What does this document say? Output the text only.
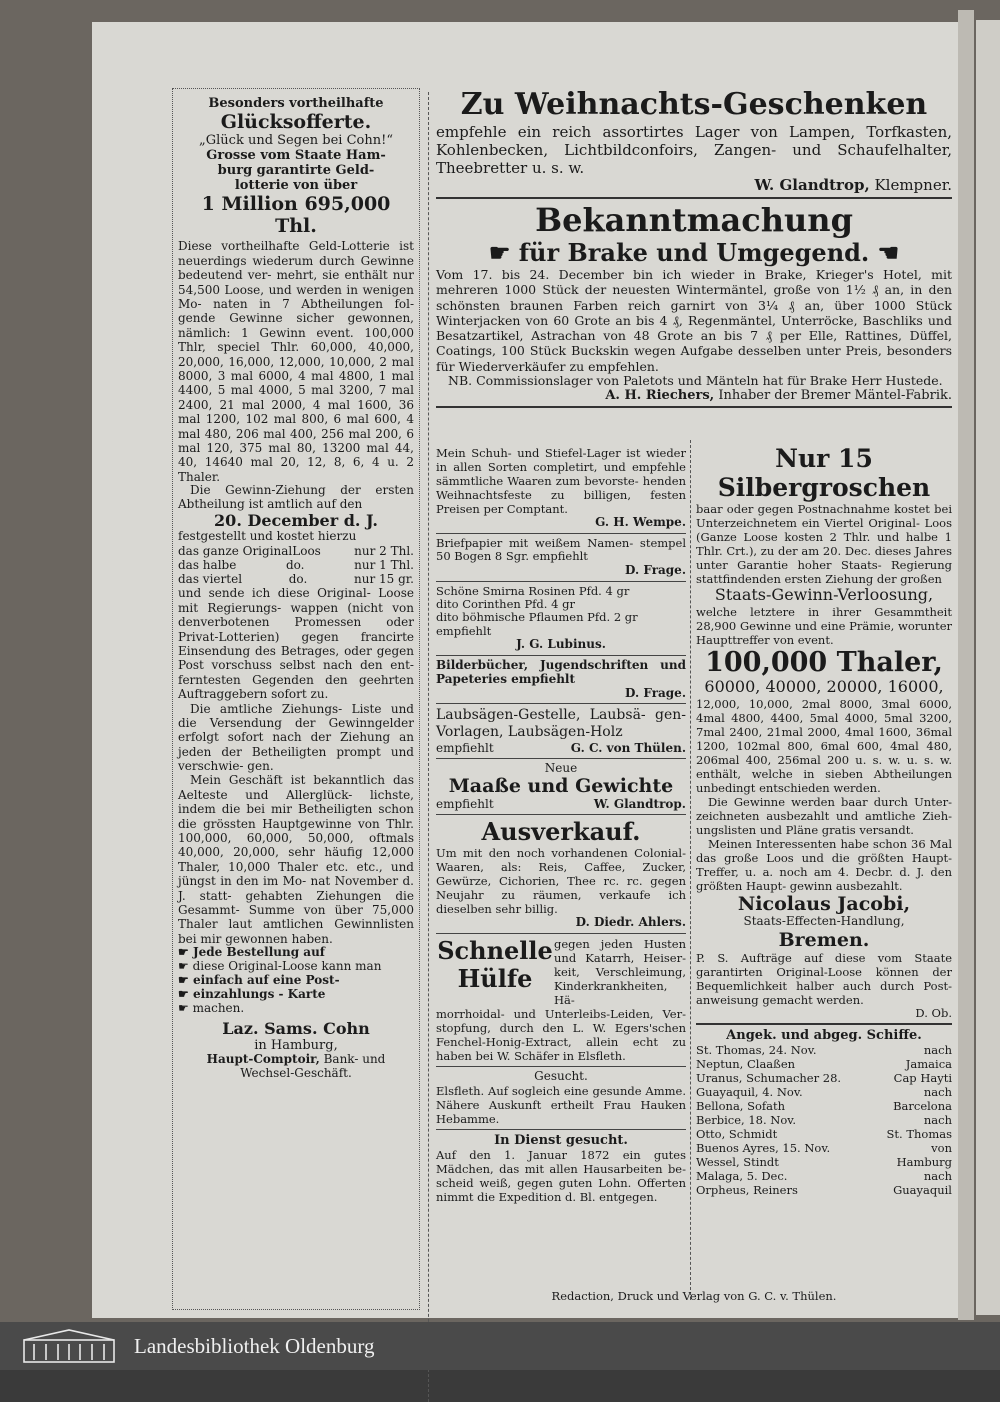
Besonders vortheilhafte

Glücksofferte.

„Glück und Segen bei Cohn!“

Grosse vom Staate Ham-

burg garantirte Geld-

lotterie von über

1 Million 695,000 Thl.

Diese vortheilhafte Geld-Lotterie ist neuerdings wiederum durch Gewinne bedeutend ver- mehrt, sie enthält nur 54,500 Loose, und werden in wenigen Mo- naten in 7 Abtheilungen fol- gende Gewinne sicher gewonnen, nämlich: 1 Gewinn event. 100,000 Thlr, speciel Thlr. 60,000, 40,000, 20,000, 16,000, 12,000, 10,000, 2 mal 8000, 3 mal 6000, 4 mal 4800, 1 mal 4400, 5 mal 4000, 5 mal 3200, 7 mal 2400, 21 mal 2000, 4 mal 1600, 36 mal 1200, 102 mal 800, 6 mal 600, 4 mal 480, 206 mal 400, 256 mal 200, 6 mal 120, 375 mal 80, 13200 mal 44, 40, 14640 mal 20, 12, 8, 6, 4 u. 2 Thaler.

Die Gewinn-Ziehung der ersten Abtheilung ist amtlich auf den

20. December d. J.

festgestellt und kostet hierzu

das ganze OriginalLoos	nur 2 Thl.
das halbe	do.	nur 1 Thl.
das viertel	do.	nur 15 gr.

und sende ich diese Original- Loose mit Regierungs- wappen (nicht von denverbotenen Promessen oder Privat-Lotterien) gegen francirte Einsendung des Betrages, oder gegen Post vorschuss selbst nach den ent- ferntesten Gegenden den geehrten Auftraggebern sofort zu.

Die amtliche Ziehungs- Liste und die Versendung der Gewinngelder erfolgt sofort nach der Ziehung an jeden der Betheiligten prompt und verschwie- gen.

Mein Geschäft ist bekanntlich das Aelteste und Allerglück- lichste, indem die bei mir Betheiligten schon die grössten Hauptgewinne von Thlr. 100,000, 60,000, 50,000, oftmals 40,000, 20,000, sehr häufig 12,000 Thaler, 10,000 Thaler etc. etc., und jüngst in den im Mo- nat November d. J. statt- gehabten Ziehungen die Gesammt- Summe von über 75,000 Thaler laut amtlichen Gewinnlisten bei mir gewonnen haben.

☛ Jede Bestellung auf

☛ diese Original-Loose kann man

☛ einfach auf eine Post-

☛ einzahlungs - Karte

☛ machen.

Laz. Sams. Cohn

in Hamburg,

Haupt-Comptoir, Bank- und

Wechsel-Geschäft.

Zu Weihnachts-Geschenken

empfehle ein reich assortirtes Lager von Lampen, Torfkasten, Kohlenbecken, Lichtbildconfoirs, Zangen- und Schaufelhalter, Theebretter u. s. w.

W. Glandtrop, Klempner.

Bekanntmachung

☛ für Brake und Umgegend. ☚

Vom 17. bis 24. December bin ich wieder in Brake, Krieger's Hotel, mit mehreren 1000 Stück der neuesten Wintermäntel, große von 1½ ₰ an, in den schönsten braunen Farben reich garnirt von 3¼ ₰ an, über 1000 Stück Winterjacken von 60 Grote an bis 4 ₰, Regenmäntel, Unterröcke, Baschliks und Besatzartikel, Astrachan von 48 Grote an bis 7 ₰ per Elle, Rattines, Düffel, Coatings, 100 Stück Buckskin wegen Aufgabe desselben unter Preis, besonders für Wiederverkäufer zu empfehlen.

NB. Commissionslager von Paletots und Mänteln hat für Brake Herr Hustede.

A. H. Riechers, Inhaber der Bremer Mäntel-Fabrik.

Mein Schuh- und Stiefel-Lager ist wieder in allen Sorten completirt, und empfehle sämmtliche Waaren zum bevorste- henden Weihnachtsfeste zu billigen, festen Preisen per Comptant.

G. H. Wempe.

Briefpapier mit weißem Namen- stempel 50 Bogen 8 Sgr. empfiehlt

D. Frage.

Schöne Smirna Rosinen Pfd. 4 gr

dito Corinthen Pfd. 4 gr

dito böhmische Pflaumen Pfd. 2 gr

empfiehlt

J. G. Lubinus.

Bilderbücher, Jugendschriften und Papeteries empfiehlt

D. Frage.

Laubsägen-Gestelle, Laubsä- gen-Vorlagen, Laubsägen-Holz

empfiehlt	G. C. von Thülen.

Neue

Maaße und Gewichte

empfiehlt	W. Glandtrop.

Ausverkauf.

Um mit den noch vorhandenen Colonial- Waaren, als: Reis, Caffee, Zucker, Gewürze, Cichorien, Thee rc. rc. gegen Neujahr zu räumen, verkaufe ich dieselben sehr billig.

D. Diedr. Ahlers.

Schnelle

Hülfe

gegen jeden Husten und Katarrh, Heiser- keit, Verschleimung, Kinderkrankheiten, Hä-

morrhoidal- und Unterleibs-Leiden, Ver- stopfung, durch den L. W. Egers'schen Fenchel-Honig-Extract, allein echt zu haben bei W. Schäfer in Elsfleth.

Gesucht.

Elsfleth. Auf sogleich eine gesunde Amme. Nähere Auskunft ertheilt Frau Hauken Hebamme.

In Dienst gesucht.

Auf den 1. Januar 1872 ein gutes Mädchen, das mit allen Hausarbeiten be- scheid weiß, gegen guten Lohn. Offerten nimmt die Expedition d. Bl. entgegen.

Nur 15 Silbergroschen

baar oder gegen Postnachnahme kostet bei Unterzeichnetem ein Viertel Original- Loos (Ganze Loose kosten 2 Thlr. und halbe 1 Thlr. Crt.), zu der am 20. Dec. dieses Jahres unter Garantie hoher Staats- Regierung stattfindenden ersten Ziehung der großen

Staats-Gewinn-Verloosung,

welche letztere in ihrer Gesammtheit 28,900 Gewinne und eine Prämie, worunter Haupttreffer von event.

100,000 Thaler,

60000, 40000, 20000, 16000,

12,000, 10,000, 2mal 8000, 3mal 6000, 4mal 4800, 4400, 5mal 4000, 5mal 3200, 7mal 2400, 21mal 2000, 4mal 1600, 36mal 1200, 102mal 800, 6mal 600, 4mal 480, 206mal 400, 256mal 200 u. s. w. u. s. w. enthält, welche in sieben Abtheilungen unbedingt entschieden werden.

Die Gewinne werden baar durch Unter- zeichneten ausbezahlt und amtliche Zieh- ungslisten und Pläne gratis versandt.

Meinen Interessenten habe schon 36 Mal das große Loos und die größten Haupt-Treffer, u. a. noch am 4. Decbr. d. J. den größten Haupt- gewinn ausbezahlt.

Nicolaus Jacobi,

Staats-Effecten-Handlung,

Bremen.

P. S. Aufträge auf diese vom Staate garantirten Original-Loose können der Bequemlichkeit halber auch durch Post- anweisung gemacht werden.

D. Ob.

Angek. und abgeg. Schiffe.

St. Thomas, 24. Nov.	nach
Neptun, Claaßen	Jamaica
Uranus, Schumacher 28.	Cap Hayti
Guayaquil, 4. Nov.	nach
Bellona, Sofath	Barcelona
Berbice, 18. Nov.	nach
Otto, Schmidt	St. Thomas
Buenos Ayres, 15. Nov.	von
Wessel, Stindt	Hamburg
Malaga, 5. Dec.	nach
Orpheus, Reiners	Guayaquil

Redaction, Druck und Verlag von G. C. v. Thülen.

Landesbibliothek Oldenburg
